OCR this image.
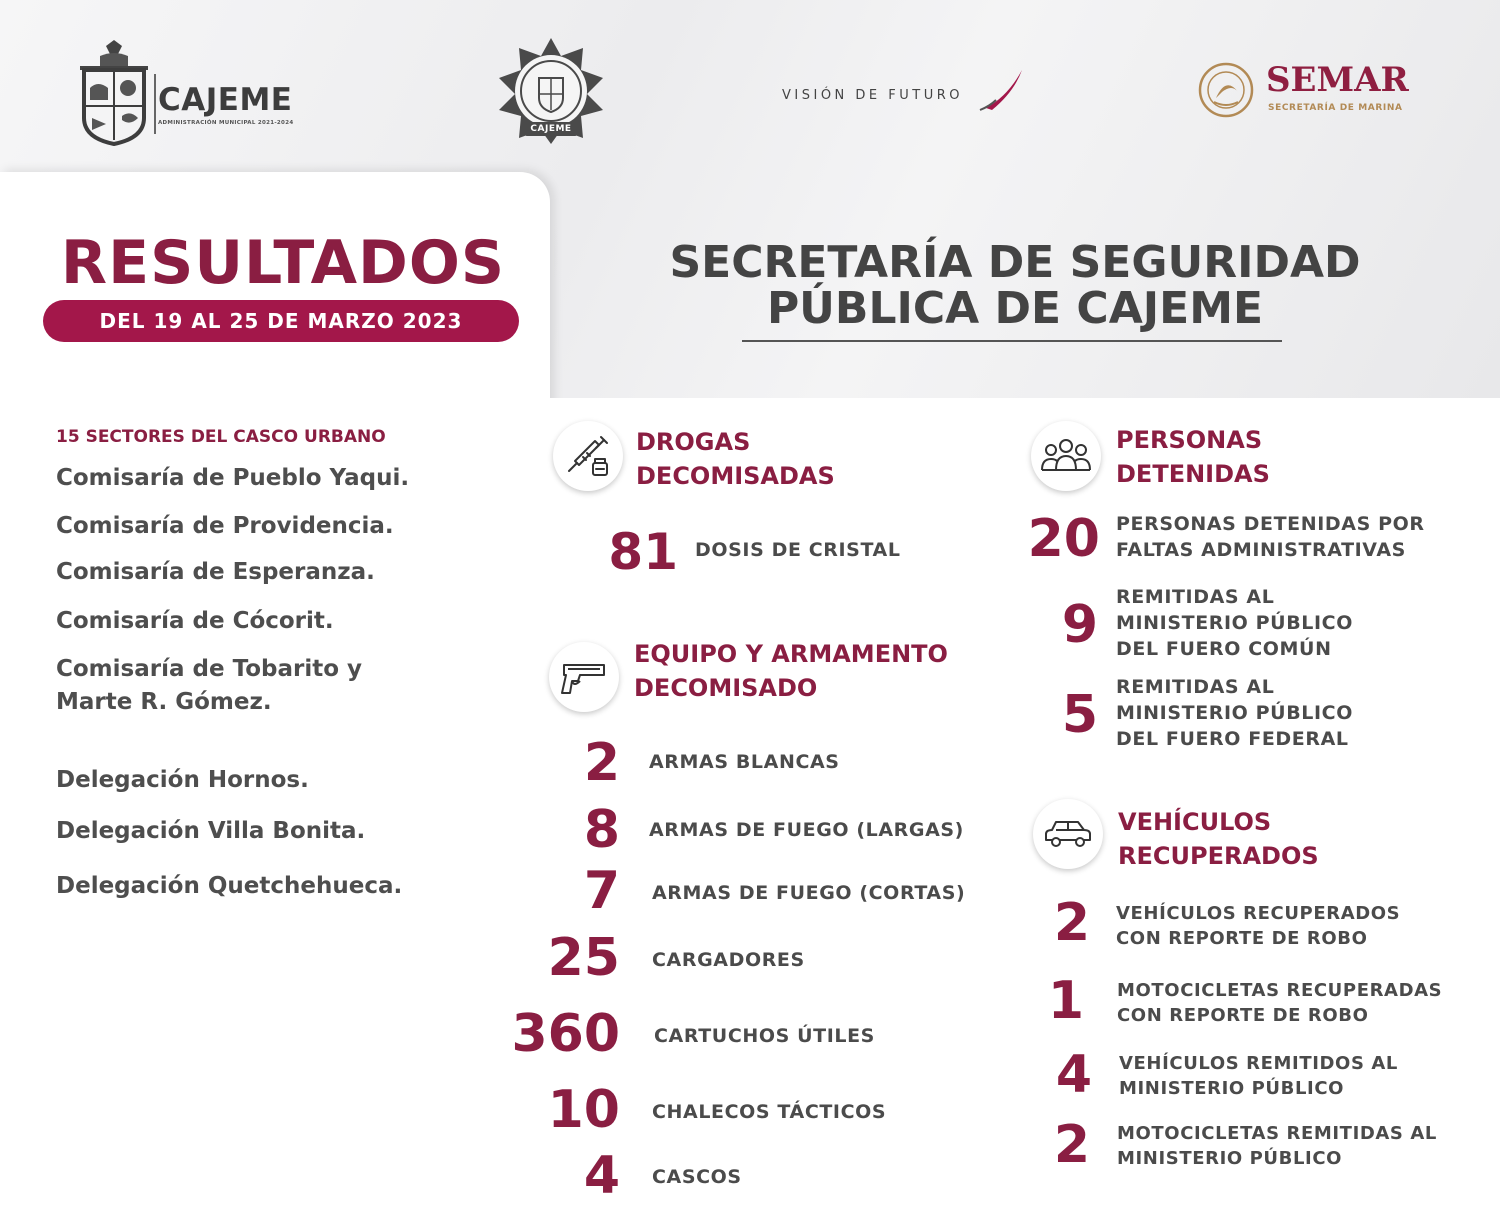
CAJEME
ADMINISTRACIÓN MUNICIPAL 2021-2024
CAJEME
VISIÓN DE FUTURO	SEMAR
SECRETARÍA DE MARINA
RESULTADOS
DEL 19 AL 25 DE MARZO 2023
SECRETARÍA DE SEGURIDAD
PÚBLICA DE CAJEME
15 SECTORES DEL CASCO URBANO
Comisaría de Pueblo Yaqui.
Comisaría de Providencia.
Comisaría de Esperanza.
Comisaría de Cócorit.
Comisaría de Tobarito y
Marte R. Gómez.
Delegación Hornos.
Delegación Villa Bonita.
Delegación Quetchehueca.
DROGAS
DECOMISADAS
81 DOSIS DE CRISTAL
EQUIPO Y ARMAMENTO
DECOMISADO
2 ARMAS BLANCAS
8 ARMAS DE FUEGO (LARGAS)
7 ARMAS DE FUEGO (CORTAS)
25 CARGADORES
360 CARTUCHOS ÚTILES
10 CHALECOS TÁCTICOS
4 CASCOS
PERSONAS
DETENIDAS
20 PERSONAS DETENIDAS POR
FALTAS ADMINISTRATIVAS
9 REMITIDAS AL
MINISTERIO PÚBLICO
DEL FUERO COMÚN
5 REMITIDAS AL
MINISTERIO PÚBLICO
DEL FUERO FEDERAL
VEHÍCULOS
RECUPERADOS
2 VEHÍCULOS RECUPERADOS
CON REPORTE DE ROBO
1 MOTOCICLETAS RECUPERADAS
CON REPORTE DE ROBO
4 VEHÍCULOS REMITIDOS AL
MINISTERIO PÚBLICO
2 MOTOCICLETAS REMITIDAS AL
MINISTERIO PÚBLICO
